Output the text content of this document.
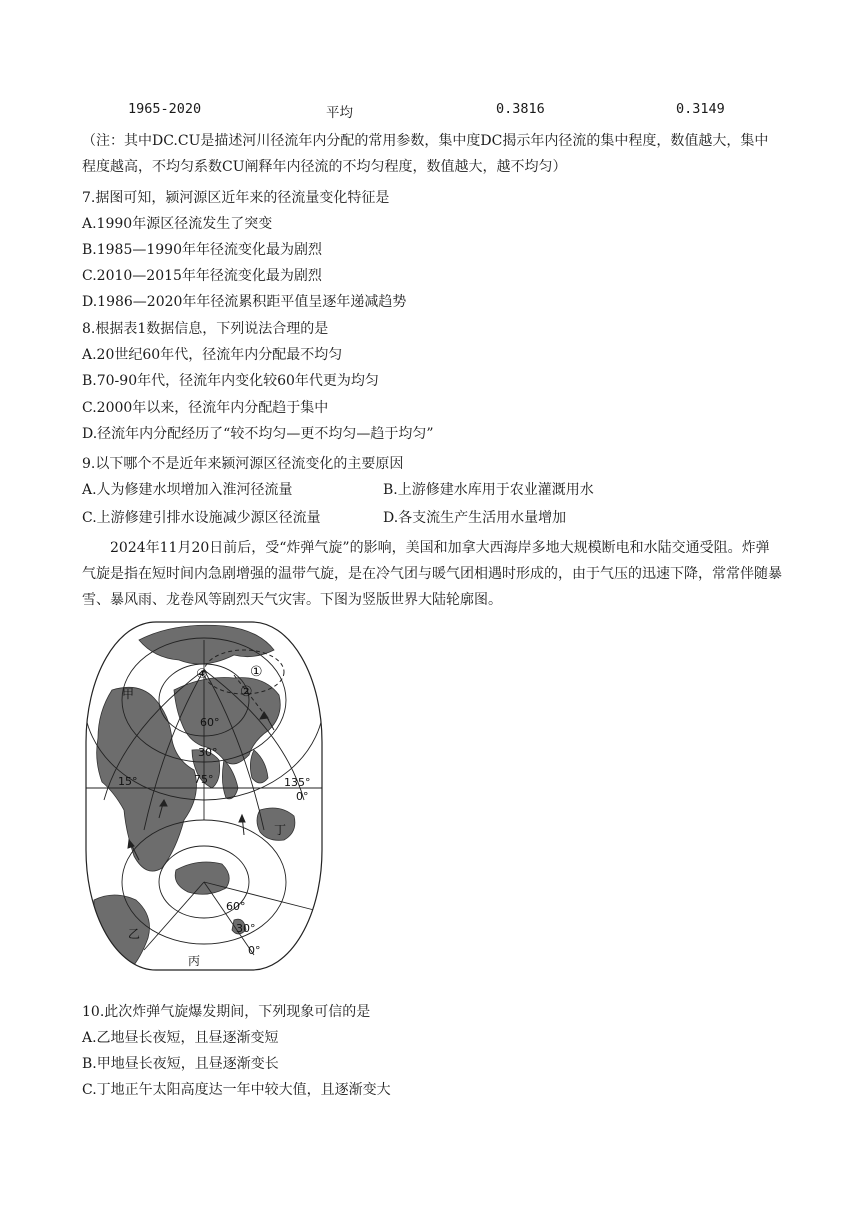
1965-2020	平均	0.3816	0.3149
（注：其中DC.CU是描述河川径流年内分配的常用参数，集中度DC揭示年内径流的集中程度，数值越大，集中程度越高，不均匀系数CU阐释年内径流的不均匀程度，数值越大，越不均匀）
7.据图可知，颍河源区近年来的径流量变化特征是
A.1990年源区径流发生了突变
B.1985—1990年年径流变化最为剧烈
C.2010—2015年年径流变化最为剧烈
D.1986—2020年年径流累积距平值呈逐年递减趋势
8.根据表1数据信息，下列说法合理的是
A.20世纪60年代，径流年内分配最不均匀
B.70-90年代，径流年内变化较60年代更为均匀
C.2000年以来，径流年内分配趋于集中
D.径流年内分配经历了“较不均匀—更不均匀—趋于均匀”
9.以下哪个不是近年来颍河源区径流变化的主要原因
A.人为修建水坝增加入淮河径流量	B.上游修建水库用于农业灌溉用水
C.上游修建引排水设施减少源区径流量	D.各支流生产生活用水量增加
2024年11月20日前后，受“炸弹气旋”的影响，美国和加拿大西海岸多地大规模断电和水陆交通受阻。炸弹气旋是指在短时间内急剧增强的温带气旋，是在冷气团与暖气团相遇时形成的，由于气压的迅速下降，常常伴随暴雪、暴风雨、龙卷风等剧烈天气灾害。下图为竖版世界大陆轮廓图。
甲
乙
丙
丁
①
②
④
60°
30°
15°	75°	135°
0°
60°
30°
0°
10.此次炸弹气旋爆发期间，下列现象可信的是
A.乙地昼长夜短，且昼逐渐变短
B.甲地昼长夜短，且昼逐渐变长
C.丁地正午太阳高度达一年中较大值，且逐渐变大
